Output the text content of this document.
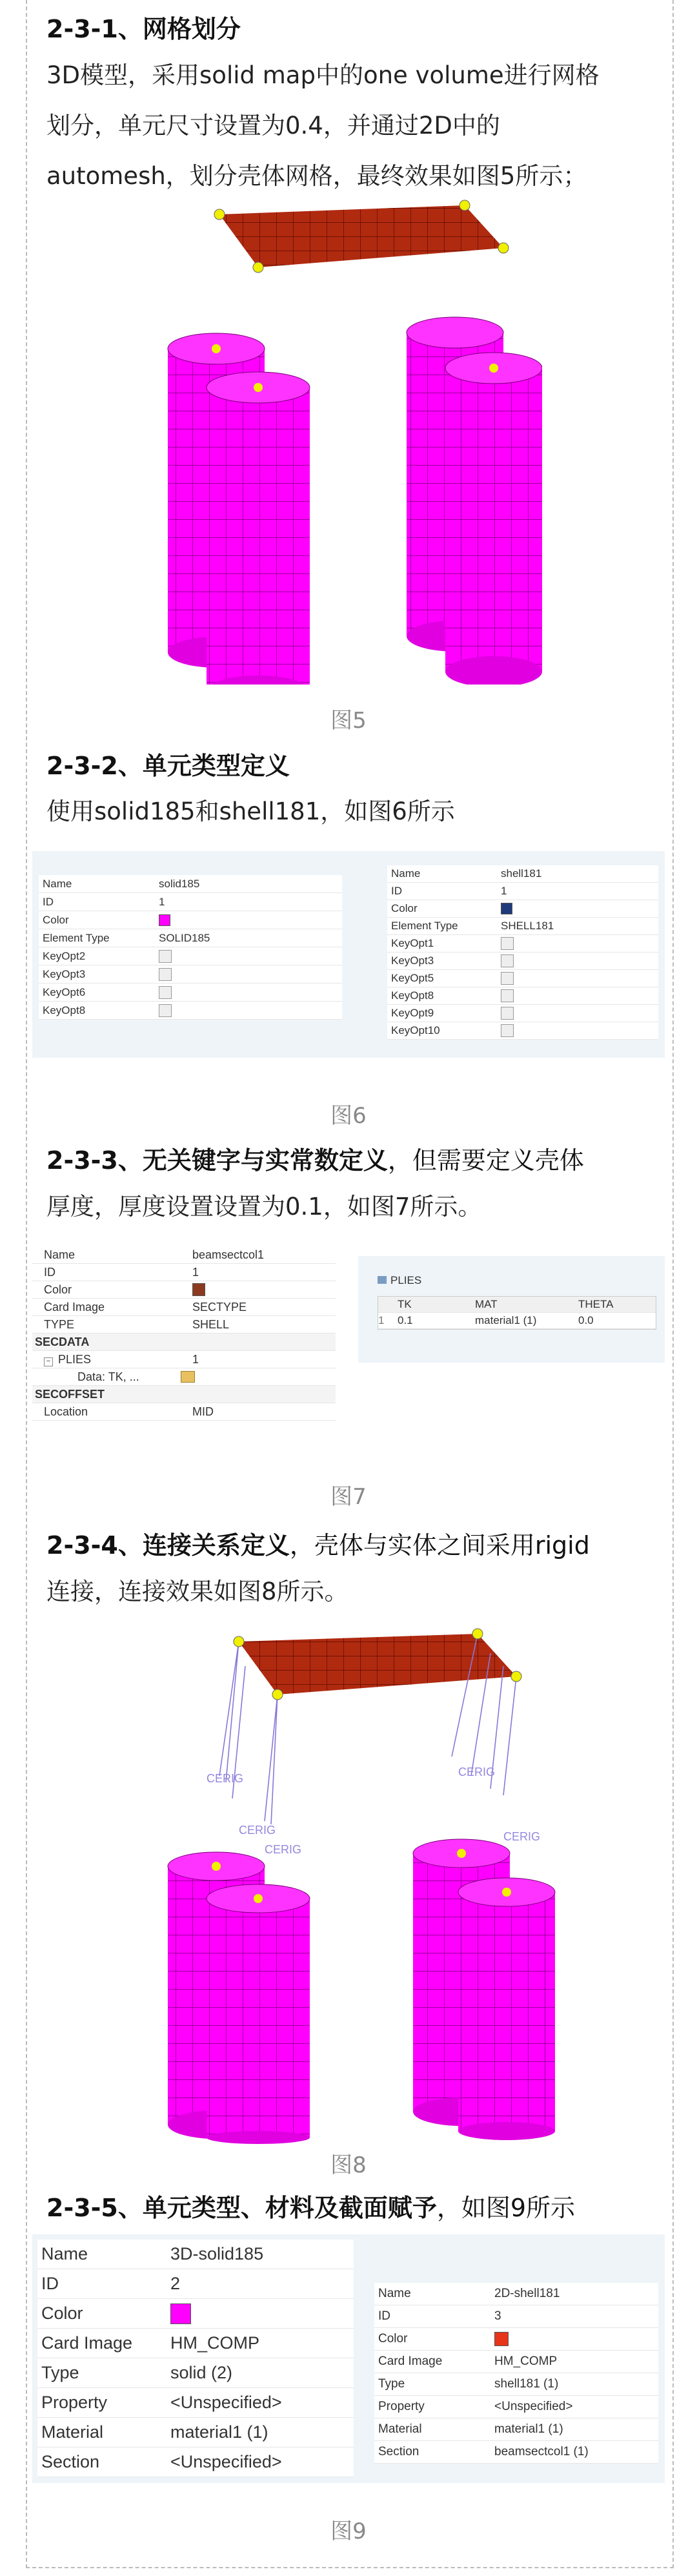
2-3-1、网格划分
3D模型，采用solid map中的one volume进行网格
划分，单元尺寸设置为0.4，并通过2D中的
automesh，划分壳体网格，最终效果如图5所示；
图5
2-3-2、单元类型定义
使用solid185和shell181，如图6所示
Name	solid185
ID	1
Color
Element Type	SOLID185
KeyOpt2
KeyOpt3
KeyOpt6
KeyOpt8
Name	shell181
ID	1
Color
Element Type	SHELL181
KeyOpt1
KeyOpt3
KeyOpt5
KeyOpt8
KeyOpt9
KeyOpt10
图6
2-3-3、无关键字与实常数定义，但需要定义壳体
厚度，厚度设置设置为0.1，如图7所示。
Name	beamsectcol1
ID	1
Color
Card Image	SECTYPE
TYPE	SHELL
SECDATA
− PLIES	1
Data: TK, ...
SECOFFSET
Location	MID
PLIES
TK	MAT	THETA
1	0.1	material1 (1)	0.0
图7
2-3-4、连接关系定义，壳体与实体之间采用rigid
连接，连接效果如图8所示。
CERIG
CERIG
CERIG
CERIG
CERIG
图8
2-3-5、单元类型、材料及截面赋予，如图9所示
Name	3D-solid185
ID	2
Color
Card Image	HM_COMP
Type	solid (2)
Property	<Unspecified>
Material	material1 (1)
Section	<Unspecified>
Name	2D-shell181
ID	3
Color
Card Image	HM_COMP
Type	shell181 (1)
Property	<Unspecified>
Material	material1 (1)
Section	beamsectcol1 (1)
图9
